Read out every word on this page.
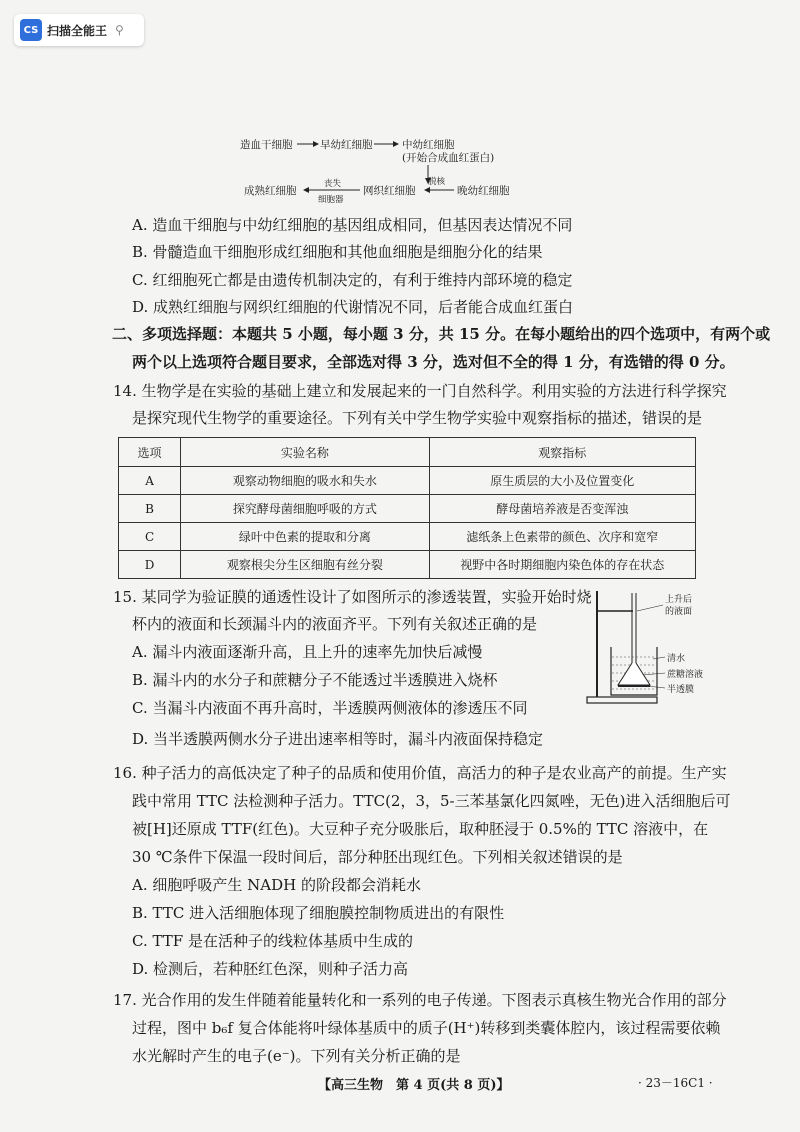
CS 扫描全能王 ⚲
造血干细胞	早幼红细胞	中幼红细胞
(开始合成血红蛋白)
晚幼红细胞
脱核
网织红细胞
丧失
细胞器
成熟红细胞
A. 造血干细胞与中幼红细胞的基因组成相同，但基因表达情况不同
B. 骨髓造血干细胞形成红细胞和其他血细胞是细胞分化的结果
C. 红细胞死亡都是由遗传机制决定的，有利于维持内部环境的稳定
D. 成熟红细胞与网织红细胞的代谢情况不同，后者能合成血红蛋白
二、多项选择题：本题共 5 小题，每小题 3 分，共 15 分。在每小题给出的四个选项中，有两个或
两个以上选项符合题目要求，全部选对得 3 分，选对但不全的得 1 分，有选错的得 0 分。
14. 生物学是在实验的基础上建立和发展起来的一门自然科学。利用实验的方法进行科学探究
是探究现代生物学的重要途径。下列有关中学生物学实验中观察指标的描述，错误的是
选项	实验名称	观察指标
A	观察动物细胞的吸水和失水	原生质层的大小及位置变化
B	探究酵母菌细胞呼吸的方式	酵母菌培养液是否变浑浊
C	绿叶中色素的提取和分离	滤纸条上色素带的颜色、次序和宽窄
D	观察根尖分生区细胞有丝分裂	视野中各时期细胞内染色体的存在状态
15. 某同学为验证膜的通透性设计了如图所示的渗透装置，实验开始时烧
杯内的液面和长颈漏斗内的液面齐平。下列有关叙述正确的是
A. 漏斗内液面逐渐升高，且上升的速率先加快后减慢
B. 漏斗内的水分子和蔗糖分子不能透过半透膜进入烧杯
C. 当漏斗内液面不再升高时，半透膜两侧液体的渗透压不同
D. 当半透膜两侧水分子进出速率相等时，漏斗内液面保持稳定
上升后
的液面
清水
蔗糖溶液
半透膜
16. 种子活力的高低决定了种子的品质和使用价值，高活力的种子是农业高产的前提。生产实
践中常用 TTC 法检测种子活力。TTC(2，3，5-三苯基氯化四氮唑，无色)进入活细胞后可
被[H]还原成 TTF(红色)。大豆种子充分吸胀后，取种胚浸于 0.5%的 TTC 溶液中，在
30 ℃条件下保温一段时间后，部分种胚出现红色。下列相关叙述错误的是
A. 细胞呼吸产生 NADH 的阶段都会消耗水
B. TTC 进入活细胞体现了细胞膜控制物质进出的有限性
C. TTF 是在活种子的线粒体基质中生成的
D. 检测后，若种胚红色深，则种子活力高
17. 光合作用的发生伴随着能量转化和一系列的电子传递。下图表示真核生物光合作用的部分
过程，图中 b₆f 复合体能将叶绿体基质中的质子(H⁺)转移到类囊体腔内，该过程需要依赖
水光解时产生的电子(e⁻)。下列有关分析正确的是
【高三生物　第 4 页(共 8 页)】	· 23－16C1 ·
